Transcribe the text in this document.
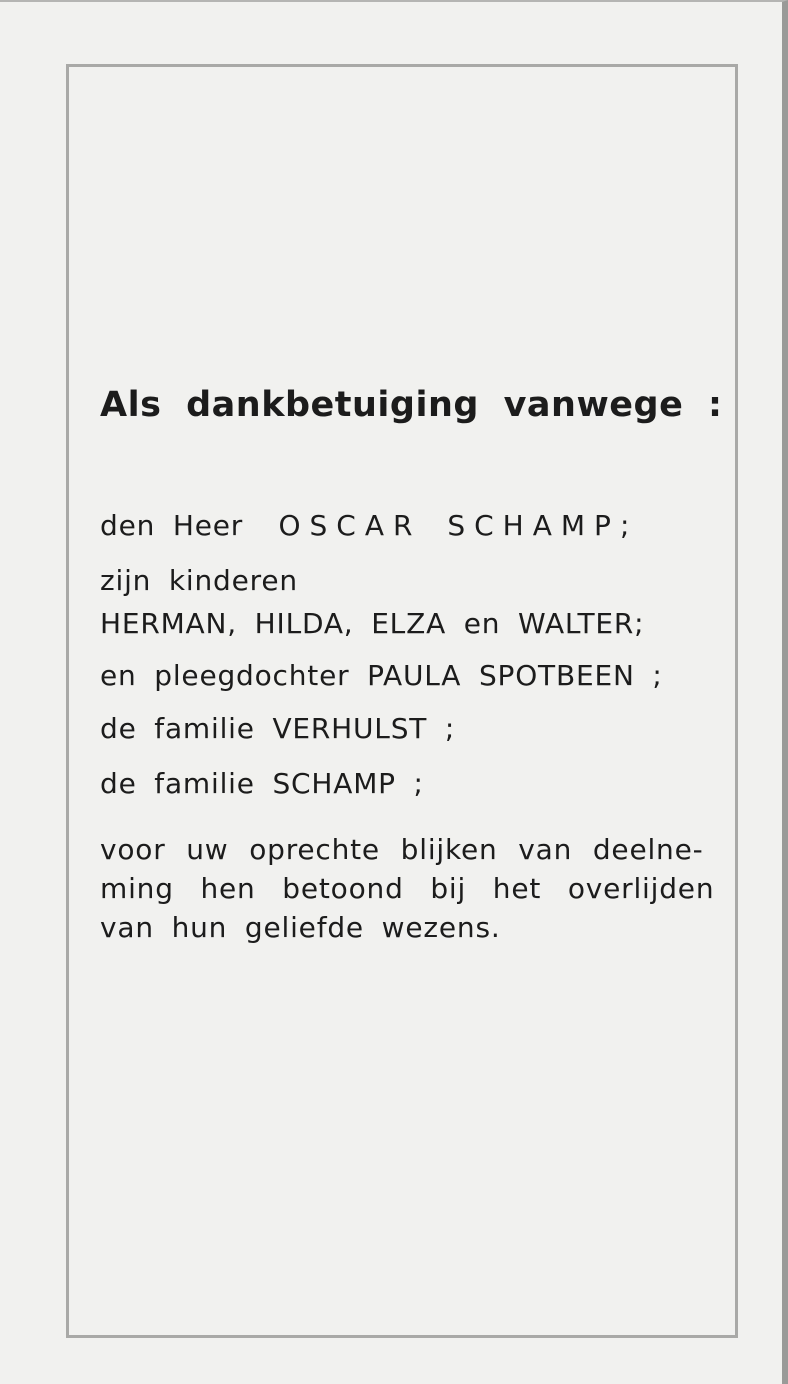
Als dankbetuiging vanwege :
den Heer OSCAR SCHAMP;
zijn kinderen
HERMAN, HILDA, ELZA en WALTER;
en pleegdochter PAULA SPOTBEEN ;
de familie VERHULST ;
de familie SCHAMP ;
voor uw oprechte blijken van deelne-
ming hen betoond bij het overlijden
van hun geliefde wezens.
